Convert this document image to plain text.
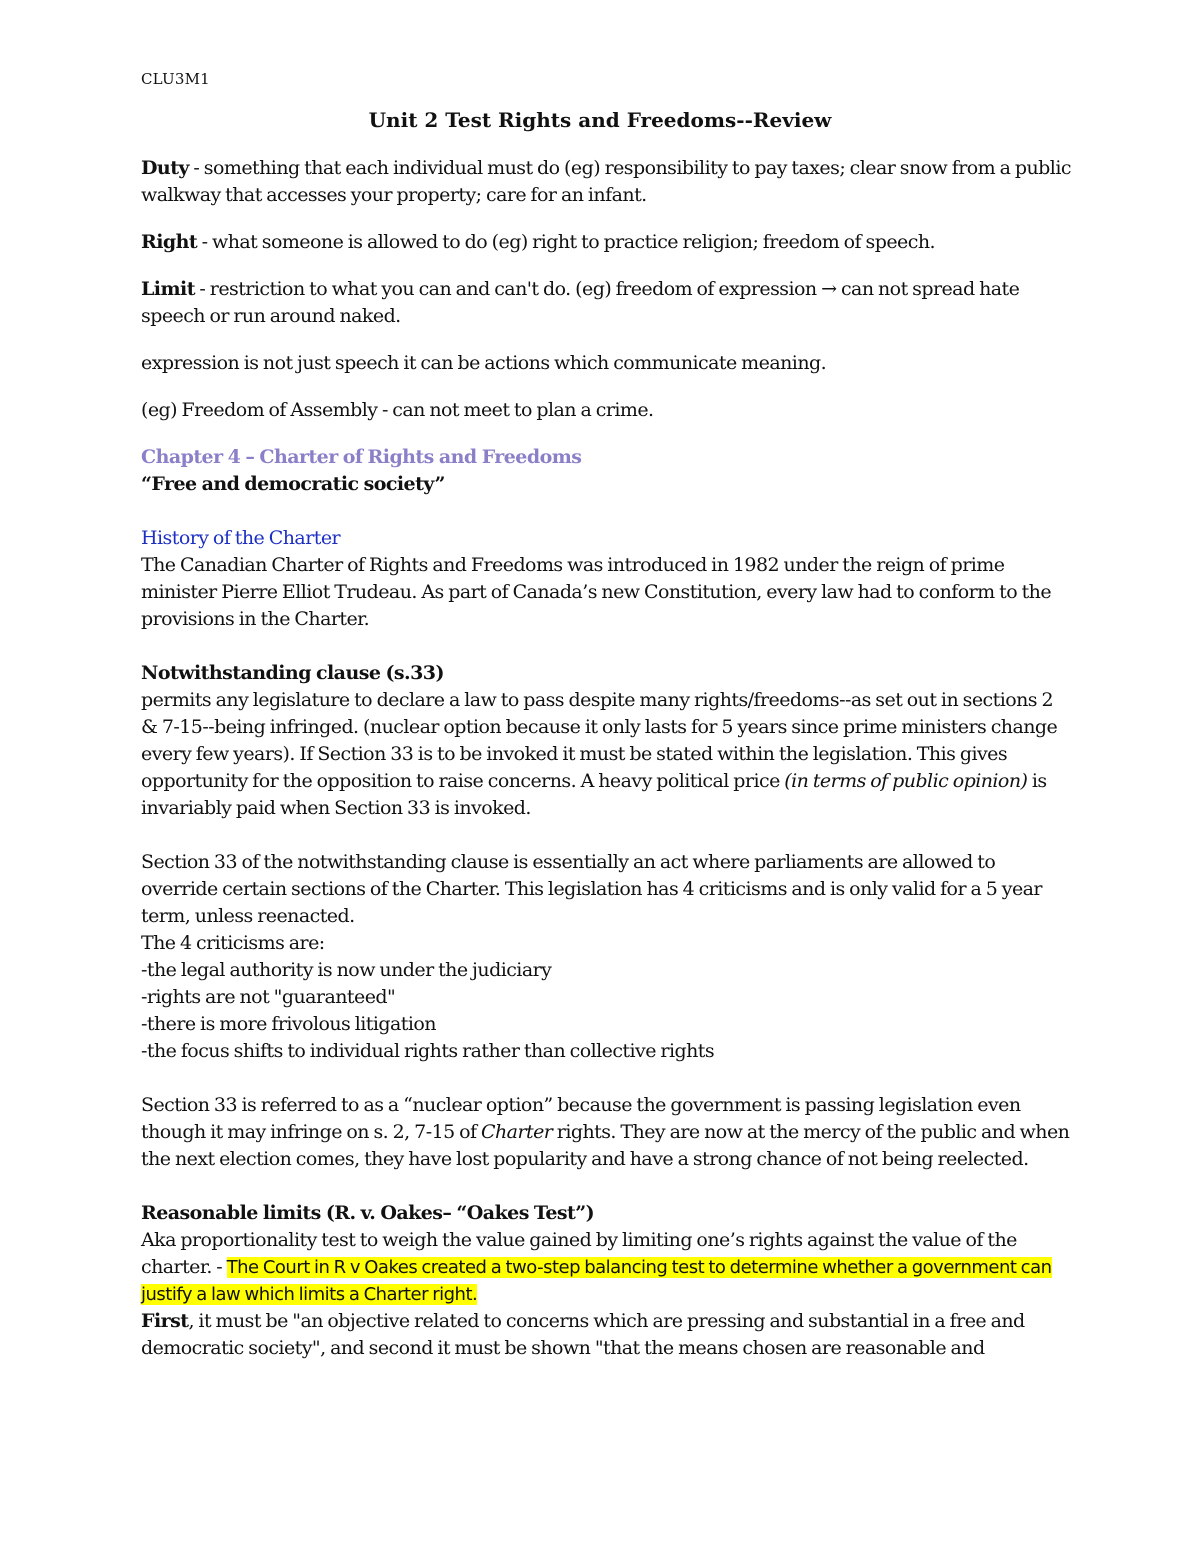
CLU3M1
Unit 2 Test Rights and Freedoms--Review

Duty - something that each individual must do (eg) responsibility to pay taxes; clear snow from a public walkway that accesses your property; care for an infant.

Right - what someone is allowed to do (eg) right to practice religion; freedom of speech.

Limit - restriction to what you can and can't do. (eg) freedom of expression → can not spread hate speech or run around naked.

expression is not just speech it can be actions which communicate meaning.

(eg) Freedom of Assembly - can not meet to plan a crime.

Chapter 4 – Charter of Rights and Freedoms

“Free and democratic society”

History of the Charter

The Canadian Charter of Rights and Freedoms was introduced in 1982 under the reign of prime minister Pierre Elliot Trudeau. As part of Canada’s new Constitution, every law had to conform to the provisions in the Charter.

Notwithstanding clause (s.33)

permits any legislature to declare a law to pass despite many rights/freedoms--as set out in sections 2 & 7-15--being infringed. (nuclear option because it only lasts for 5 years since prime ministers change every few years). If Section 33 is to be invoked it must be stated within the legislation. This gives opportunity for the opposition to raise concerns. A heavy political price (in terms of public opinion) is invariably paid when Section 33 is invoked.

Section 33 of the notwithstanding clause is essentially an act where parliaments are allowed to override certain sections of the Charter. This legislation has 4 criticisms and is only valid for a 5 year term, unless reenacted.

The 4 criticisms are:

-the legal authority is now under the judiciary

-rights are not "guaranteed"

-there is more frivolous litigation

-the focus shifts to individual rights rather than collective rights

Section 33 is referred to as a “nuclear option” because the government is passing legislation even though it may infringe on s. 2, 7-15 of Charter rights. They are now at the mercy of the public and when the next election comes, they have lost popularity and have a strong chance of not being reelected.

Reasonable limits (R. v. Oakes– “Oakes Test”)

Aka proportionality test to weigh the value gained by limiting one’s rights against the value of the charter. - The Court in R v Oakes created a two-step balancing test to determine whether a government can justify a law which limits a Charter right.

First, it must be "an objective related to concerns which are pressing and substantial in a free and democratic society", and second it must be shown "that the means chosen are reasonable and
